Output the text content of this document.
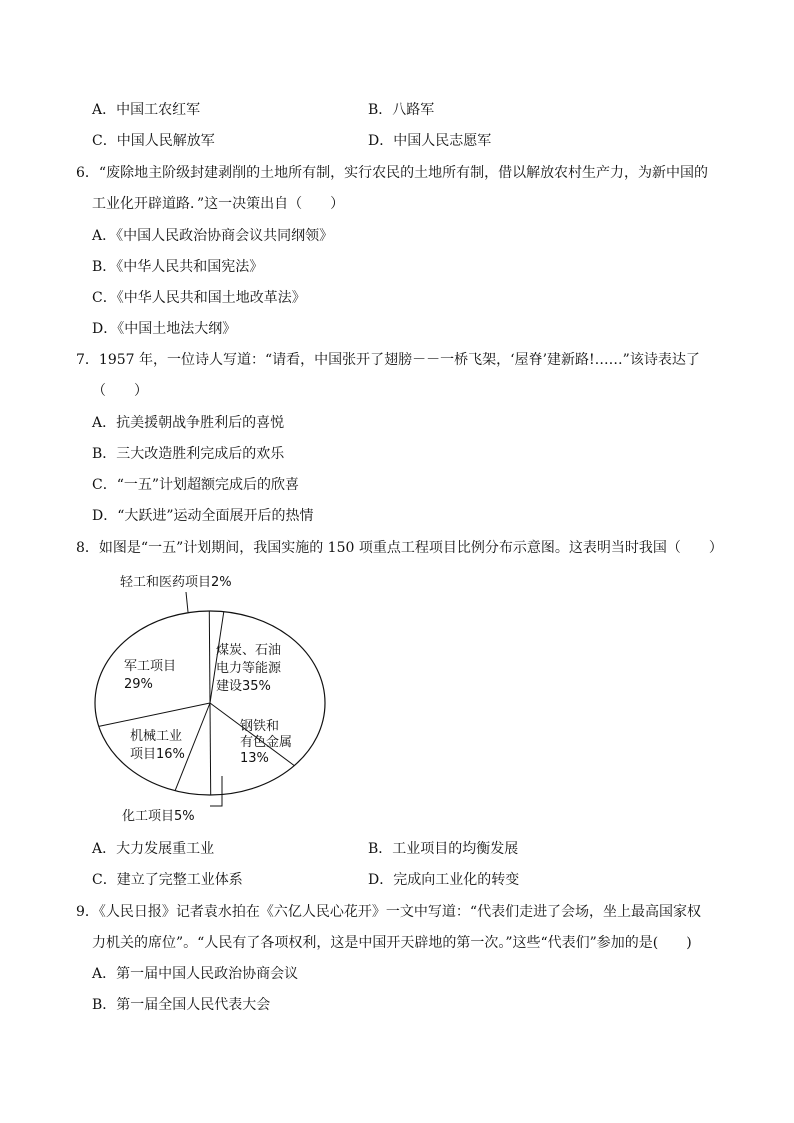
A．中国工农红军	B．八路军
C．中国人民解放军	D．中国人民志愿军
6．“废除地主阶级封建剥削的土地所有制，实行农民的土地所有制，借以解放农村生产力，为新中国的
工业化开辟道路．”这一决策出自（　　）
A．《中国人民政治协商会议共同纲领》
B．《中华人民共和国宪法》
C．《中华人民共和国土地改革法》
D．《中国土地法大纲》
7．1957 年，一位诗人写道：“请看，中国张开了翅膀－－一桥飞架，‘屋脊’建新路!……”该诗表达了
（　　）
A．抗美援朝战争胜利后的喜悦
B．三大改造胜利完成后的欢乐
C．“一五”计划超额完成后的欣喜
D．“大跃进”运动全面展开后的热情
8．如图是“一五”计划期间，我国实施的 150 项重点工程项目比例分布示意图。这表明当时我国（　　）
轻工和医药项目2%
煤炭、石油
电力等能源
建设35%
军工项目
29%
钢铁和
有色金属
13%
机械工业
项目16%
化工项目5%
A．大力发展重工业	B．工业项目的均衡发展
C．建立了完整工业体系	D．完成向工业化的转变
9．《人民日报》记者袁水拍在《六亿人民心花开》一文中写道：“代表们走进了会场，坐上最高国家权
力机关的席位”。“人民有了各项权利，这是中国开天辟地的第一次。”这些“代表们”参加的是(　　)
A．第一届中国人民政治协商会议
B．第一届全国人民代表大会
